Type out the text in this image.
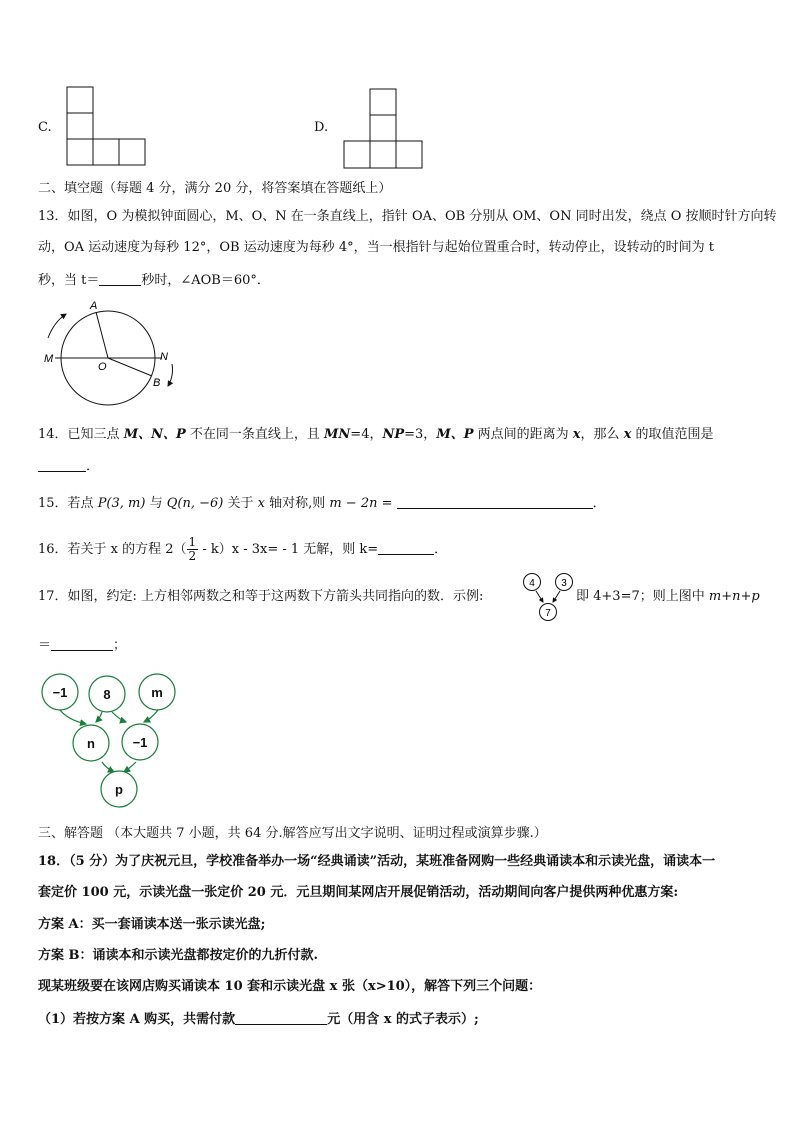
C.	D.
二、填空题（每题 4 分，满分 20 分，将答案填在答题纸上）
13．如图，O 为模拟钟面圆心，M、O、N 在一条直线上，指针 OA、OB 分别从 OM、ON 同时出发，绕点 O 按顺时针方向转
动，OA 运动速度为每秒 12°，OB 运动速度为每秒 4°，当一根指针与起始位置重合时，转动停止，设转动的时间为 t
秒，当 t＝	秒时，∠AOB＝60°．
A
M
O
N
B
14．已知三点 M、N、P 不在同一条直线上，且 MN=4，NP=3，M、P 两点间的距离为 x，那么 x 的取值范围是
．
15．若点 P(3, m) 与 Q(n, −6) 关于 x 轴对称,则 m − 2n =	．
16．若关于 x 的方程 $2( \frac{1}{2} - k)x - 3x= - 1$ 无解，则 k=	．
17．如图，约定: 上方相邻两数之和等于这两数下方箭头共同指向的数．示例:
4	3
7
即 4+3=7；则上图中 m+n+p
＝	；
−1	8	m
n	−1
p
三、解答题 （本大题共 7 小题，共 64 分.解答应写出文字说明、证明过程或演算步骤.）
18．（5 分）为了庆祝元旦，学校准备举办一场“经典诵读”活动，某班准备网购一些经典诵读本和示读光盘，诵读本一
套定价 100 元，示读光盘一张定价 20 元．元旦期间某网店开展促销活动，活动期间向客户提供两种优惠方案:
方案 A：买一套诵读本送一张示读光盘;
方案 B：诵读本和示读光盘都按定价的九折付款.
现某班级要在该网店购买诵读本 10 套和示读光盘 x 张（x>10），解答下列三个问题：
（1）若按方案 A 购买，共需付款	元（用含 x 的式子表示）;
